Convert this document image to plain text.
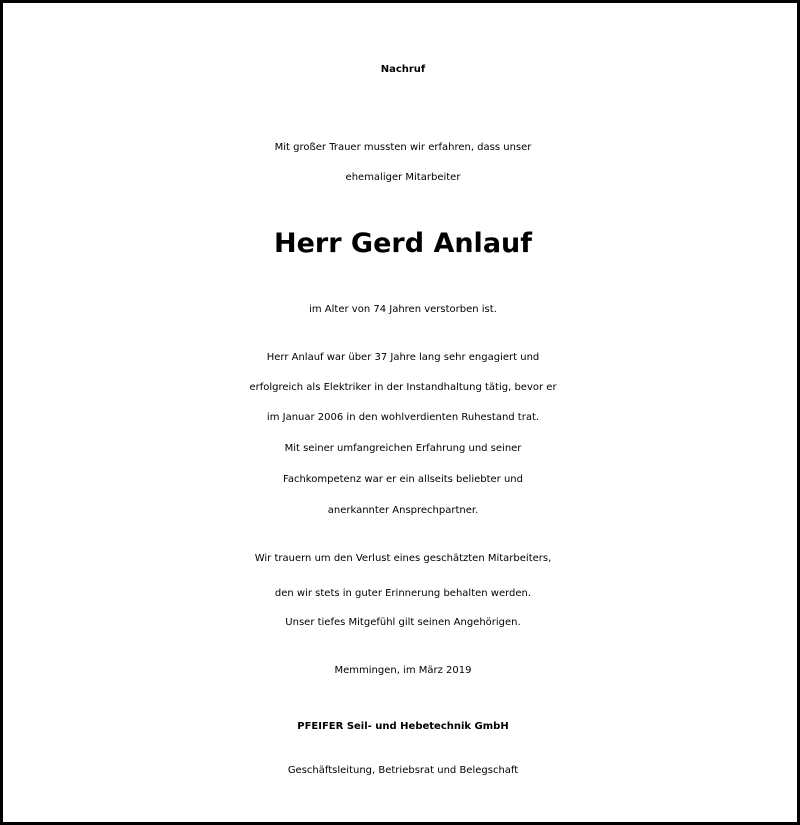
Nachruf
Mit großer Trauer mussten wir erfahren, dass unser
ehemaliger Mitarbeiter
Herr Gerd Anlauf
im Alter von 74 Jahren verstorben ist.
Herr Anlauf war über 37 Jahre lang sehr engagiert und
erfolgreich als Elektriker in der Instandhaltung tätig, bevor er
im Januar 2006 in den wohlverdienten Ruhestand trat.
Mit seiner umfangreichen Erfahrung und seiner
Fachkompetenz war er ein allseits beliebter und
anerkannter Ansprechpartner.
Wir trauern um den Verlust eines geschätzten Mitarbeiters,
den wir stets in guter Erinnerung behalten werden.
Unser tiefes Mitgefühl gilt seinen Angehörigen.
Memmingen, im März 2019
PFEIFER Seil- und Hebetechnik GmbH
Geschäftsleitung, Betriebsrat und Belegschaft
